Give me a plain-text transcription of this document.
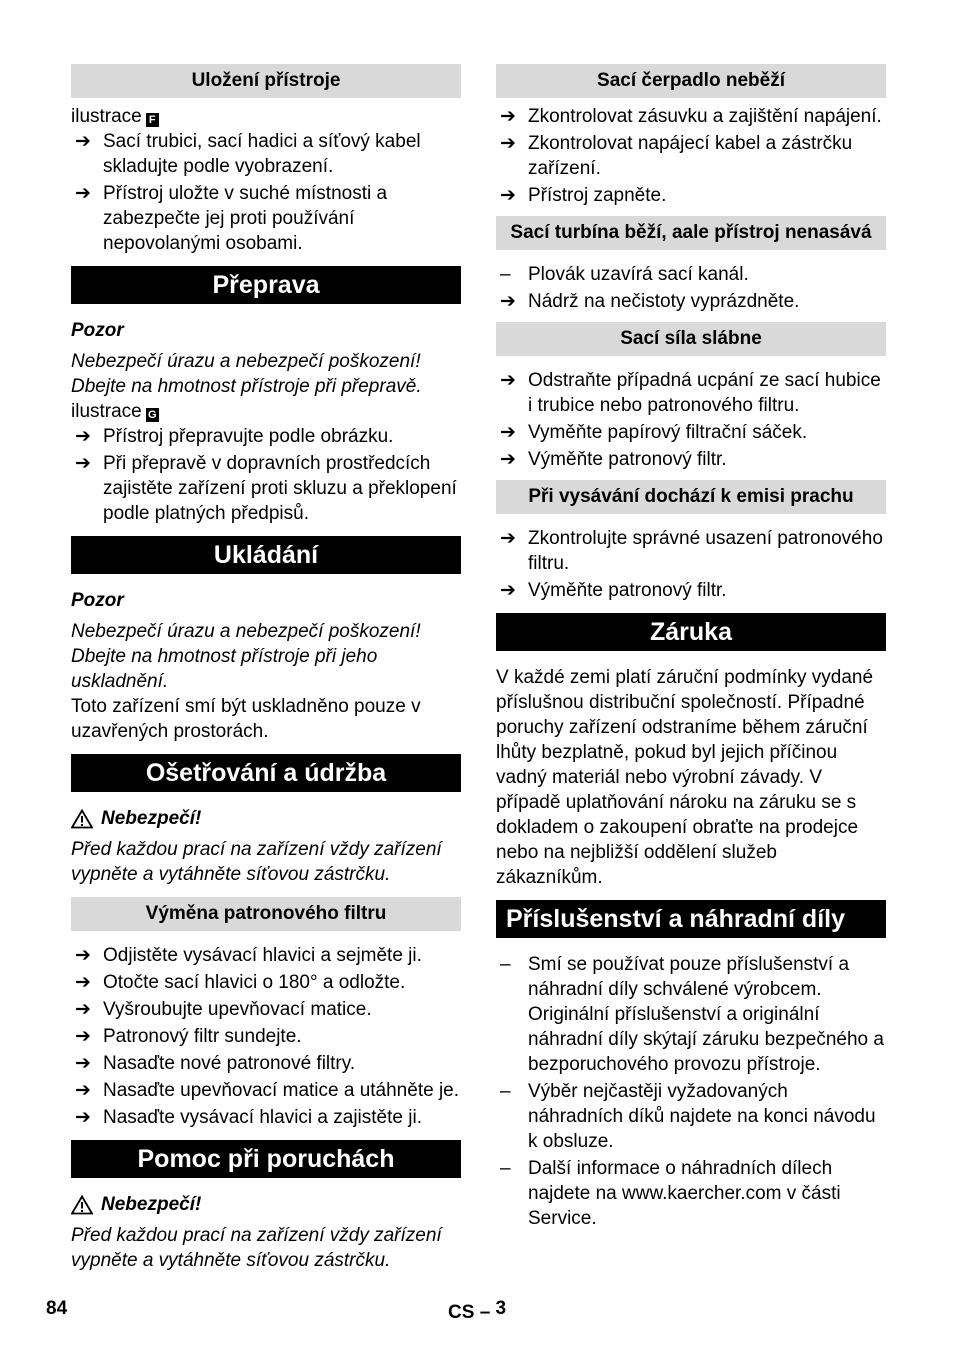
Uložení přístroje

ilustrace F

➔ Sací trubici, sací hadici a síťový kabel skladujte podle vyobrazení.
➔ Přístroj uložte v suché místnosti a zabezpečte jej proti používání nepovolanými osobami.
Přeprava

Pozor

Nebezpečí úrazu a nebezpečí poškození! Dbejte na hmotnost přístroje při přepravě.

ilustrace G

➔ Přístroj přepravujte podle obrázku.
➔ Při přepravě v dopravních prostředcích zajistěte zařízení proti skluzu a překlopení podle platných předpisů.
Ukládání

Pozor

Nebezpečí úrazu a nebezpečí poškození! Dbejte na hmotnost přístroje při jeho uskladnění.

Toto zařízení smí být uskladněno pouze v uzavřených prostorách.

Ošetřování a údržba
Nebezpečí!

Před každou prací na zařízení vždy zařízení vypněte a vytáhněte síťovou zástrčku.

Výměna patronového filtru
➔ Odjistěte vysávací hlavici a sejměte ji.
➔ Otočte sací hlavici o 180° a odložte.
➔ Vyšroubujte upevňovací matice.
➔ Patronový filtr sundejte.
➔ Nasaďte nové patronové filtry.
➔ Nasaďte upevňovací matice a utáhněte je.
➔ Nasaďte vysávací hlavici a zajistěte ji.
Pomoc při poruchách
Nebezpečí!

Před každou prací na zařízení vždy zařízení vypněte a vytáhněte síťovou zástrčku.

Sací čerpadlo neběží
➔ Zkontrolovat zásuvku a zajištění napájení.
➔ Zkontrolovat napájecí kabel a zástrčku zařízení.
➔ Přístroj zapněte.
Sací turbína běží, aale přístroj nenasává
– Plovák uzavírá sací kanál.
➔ Nádrž na nečistoty vyprázdněte.
Sací síla slábne
➔ Odstraňte případná ucpání ze sací hubice i trubice nebo patronového filtru.
➔ Vyměňte papírový filtrační sáček.
➔ Výměňte patronový filtr.
Při vysávání dochází k emisi prachu
➔ Zkontrolujte správné usazení patronového filtru.
➔ Výměňte patronový filtr.
Záruka

V každé zemi platí záruční podmínky vydané příslušnou distribuční společností. Případné poruchy zařízení odstraníme během záruční lhůty bezplatně, pokud byl jejich příčinou vadný materiál nebo výrobní závady. V případě uplatňování nároku na záruku se s dokladem o zakoupení obraťte na prodejce nebo na nejbližší oddělení služeb zákazníkům.

Příslušenství a náhradní díly
– Smí se používat pouze příslušenství a náhradní díly schválené výrobcem. Originální příslušenství a originální náhradní díly skýtají záruku bezpečného a bezporuchového provozu přístroje.
– Výběr nejčastěji vyžadovaných náhradních díků najdete na konci návodu k obsluze.
– Další informace o náhradních dílech najdete na www.kaercher.com v části Service.
84	CS – 3
